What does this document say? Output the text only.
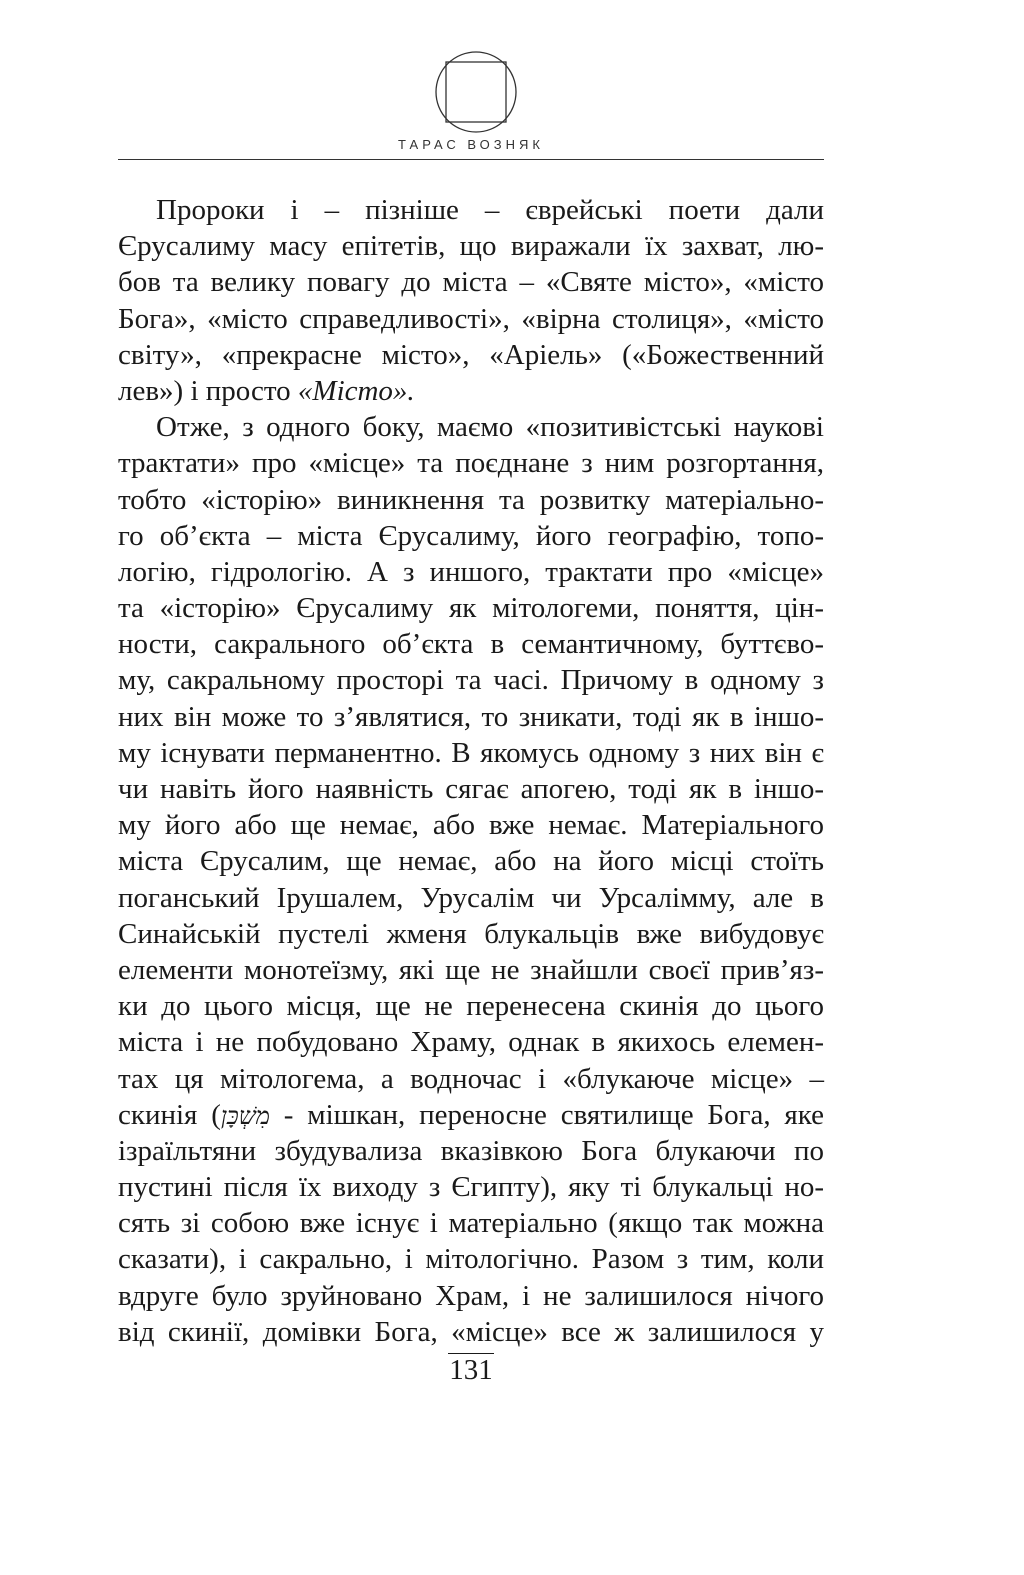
ТАРАС ВОЗНЯК
Пророки і – пізніше – єврейські поети дали
Єрусалиму масу епітетів, що виражали їх захват, лю-
бов та велику повагу до міста – «Святе місто», «місто
Бога», «місто справедливості», «вірна столиця», «місто
світу», «прекрасне місто», «Аріель» («Божественний
лев») і просто «Місто».
Отже, з одного боку, маємо «позитивістські наукові
трактати» про «місце» та поєднане з ним розгортання,
тобто «історію» виникнення та розвитку матеріально-
го об’єкта – міста Єрусалиму, його географію, топо-
логію, гідрологію. А з иншого, трактати про «місце»
та «історію» Єрусалиму як мітологеми, поняття, цін-
ности, сакрального об’єкта в семантичному, буттєво-
му, сакральному просторі та часі. Причому в одному з
них він може то з’являтися, то зникати, тоді як в іншо-
му існувати перманентно. В якомусь одному з них він є
чи навіть його наявність сягає апогею, тоді як в іншо-
му його або ще немає, або вже немає. Матеріального
міста Єрусалим, ще немає, або на його місці стоїть
поганський Ірушалем, Урусалім чи Урсалімму, але в
Синайській пустелі жменя блукальців вже вибудовує
елементи монотеїзму, які ще не знайшли своєї прив’яз-
ки до цього місця, ще не перенесена скинія до цього
міста і не побудовано Храму, однак в якихось елемен-
тах ця мітологема, а водночас і «блукаюче місце» –
скинія (מִשְׁכָּן - мішкан, переносне святилище Бога, яке
ізраїльтяни збудувализа вказівкою Бога блукаючи по
пустині після їх виходу з Єгипту), яку ті блукальці но-
сять зі собою вже існує і матеріально (якщо так можна
сказати), і сакрально, і мітологічно. Разом з тим, коли
вдруге було зруйновано Храм, і не залишилося нічого
від скинії, домівки Бога, «місце» все ж залишилося у
131
